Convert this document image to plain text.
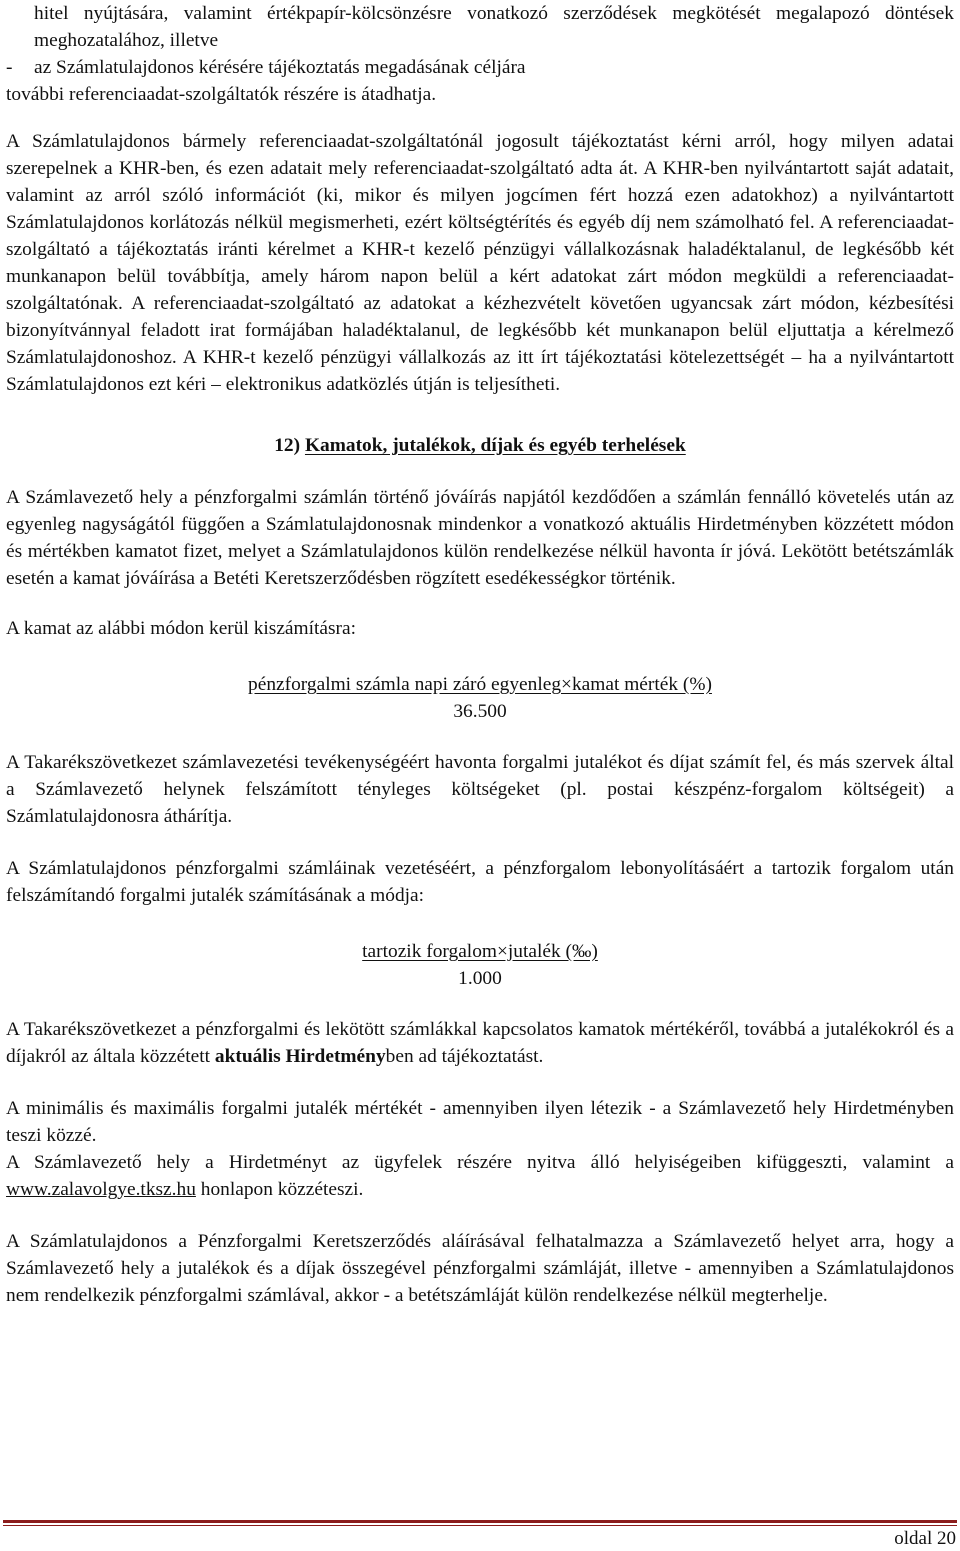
hitel nyújtására, valamint értékpapír-kölcsönzésre vonatkozó szerződések megkötését megalapozó döntések meghozatalához, illetve

-	az Számlatulajdonos kérésére tájékoztatás megadásának céljára

további referenciaadat-szolgáltatók részére is átadhatja.

A Számlatulajdonos bármely referenciaadat-szolgáltatónál jogosult tájékoztatást kérni arról, hogy milyen adatai szerepelnek a KHR-ben, és ezen adatait mely referenciaadat-szolgáltató adta át. A KHR-ben nyilvántartott saját adatait, valamint az arról szóló információt (ki, mikor és milyen jogcímen fért hozzá ezen adatokhoz) a nyilvántartott Számlatulajdonos korlátozás nélkül megismerheti, ezért költségtérítés és egyéb díj nem számolható fel. A referenciaadat-szolgáltató a tájékoztatás iránti kérelmet a KHR-t kezelő pénzügyi vállalkozásnak haladéktalanul, de legkésőbb két munkanapon belül továbbítja, amely három napon belül a kért adatokat zárt módon megküldi a referenciaadat-szolgáltatónak. A referenciaadat-szolgáltató az adatokat a kézhezvételt követően ugyancsak zárt módon, kézbesítési bizonyítvánnyal feladott irat formájában haladéktalanul, de legkésőbb két munkanapon belül eljuttatja a kérelmező Számlatulajdonoshoz. A KHR-t kezelő pénzügyi vállalkozás az itt írt tájékoztatási kötelezettségét – ha a nyilvántartott Számlatulajdonos ezt kéri – elektronikus adatközlés útján is teljesítheti.

12) Kamatok, jutalékok, díjak és egyéb terhelések

A Számlavezető hely a pénzforgalmi számlán történő jóváírás napjától kezdődően a számlán fennálló követelés után az egyenleg nagyságától függően a Számlatulajdonosnak mindenkor a vonatkozó aktuális Hirdetményben közzétett módon és mértékben kamatot fizet, melyet a Számlatulajdonos külön rendelkezése nélkül havonta ír jóvá. Lekötött betétszámlák esetén a kamat jóváírása a Betéti Keretszerződésben rögzített esedékességkor történik.

A kamat az alábbi módon kerül kiszámításra:

pénzforgalmi számla napi záró egyenleg×kamat mérték (%)
36.500

A Takarékszövetkezet számlavezetési tevékenységéért havonta forgalmi jutalékot és díjat számít fel, és más szervek által a Számlavezető helynek felszámított tényleges költségeket (pl. postai készpénz-forgalom költségeit) a Számlatulajdonosra áthárítja.

A Számlatulajdonos pénzforgalmi számláinak vezetéséért, a pénzforgalom lebonyolításáért a tartozik forgalom után felszámítandó forgalmi jutalék számításának a módja:

tartozik forgalom×jutalék (‰)
1.000

A Takarékszövetkezet a pénzforgalmi és lekötött számlákkal kapcsolatos kamatok mértékéről, továbbá a jutalékokról és a díjakról az általa közzétett aktuális Hirdetményben ad tájékoztatást.

A minimális és maximális forgalmi jutalék mértékét - amennyiben ilyen létezik - a Számlavezető hely Hirdetményben teszi közzé.

A Számlavezető hely a Hirdetményt az ügyfelek részére nyitva álló helyiségeiben kifüggeszti, valamint a www.zalavolgye.tksz.hu honlapon közzéteszi.

A Számlatulajdonos a Pénzforgalmi Keretszerződés aláírásával felhatalmazza a Számlavezető helyet arra, hogy a Számlavezető hely a jutalékok és a díjak összegével pénzforgalmi számláját, illetve - amennyiben a Számlatulajdonos nem rendelkezik pénzforgalmi számlával, akkor - a betétszámláját külön rendelkezése nélkül megterhelje.

oldal 20
